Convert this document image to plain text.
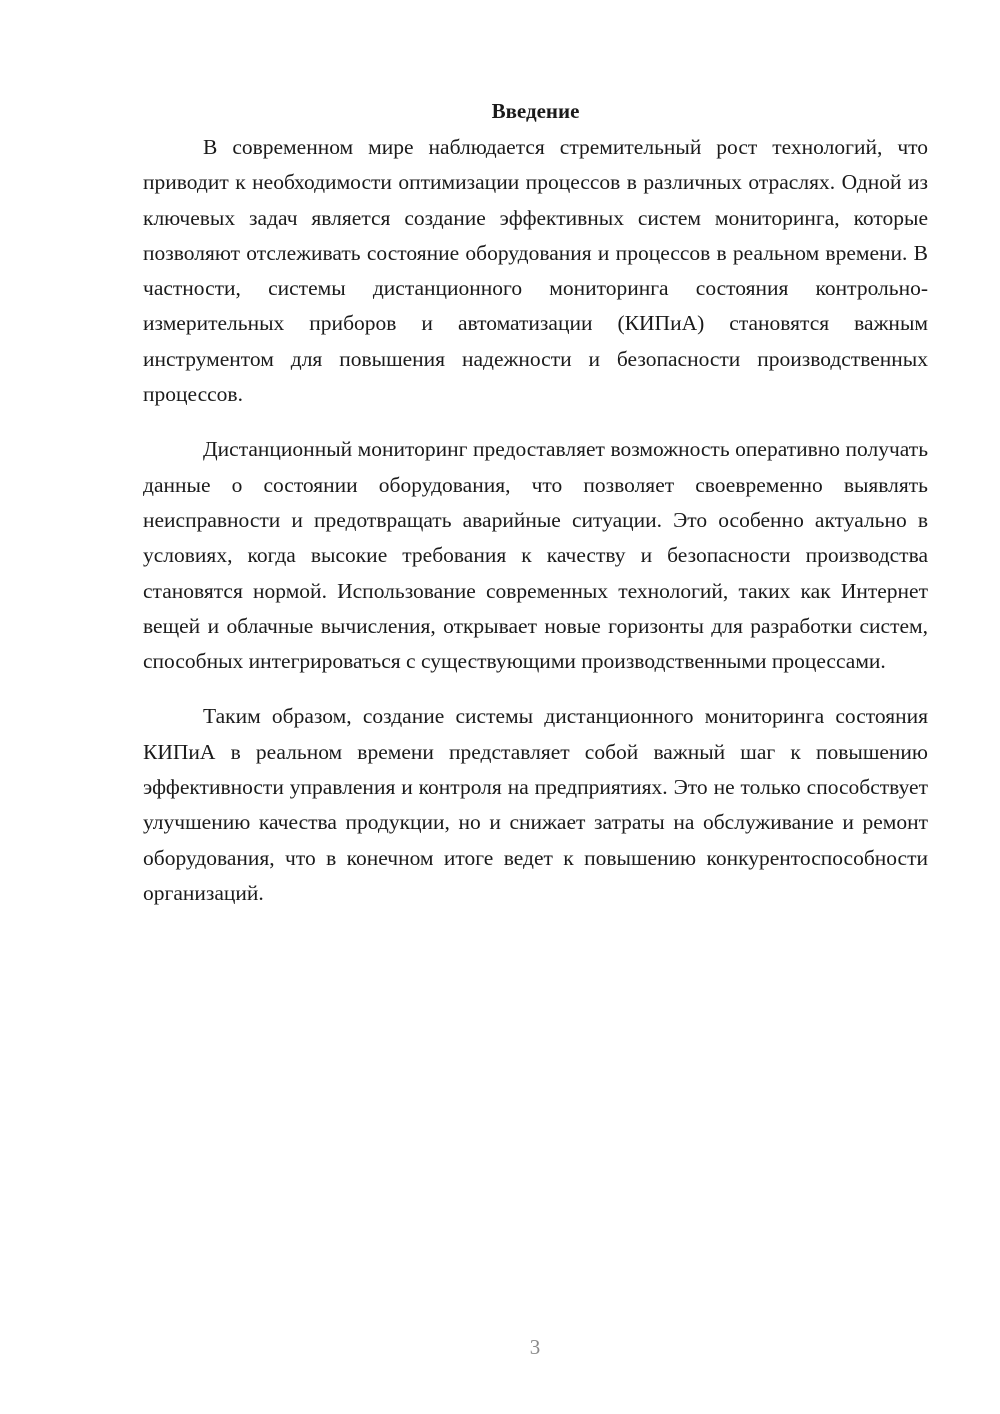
Введение

В современном мире наблюдается стремительный рост технологий, что приводит к необходимости оптимизации процессов в различных отраслях. Одной из ключевых задач является создание эффективных систем мониторинга, которые позволяют отслеживать состояние оборудования и процессов в реальном времени. В частности, системы дистанционного мониторинга состояния контрольно-измерительных приборов и автоматизации (КИПиА) становятся важным инструментом для повышения надежности и безопасности производственных процессов.

Дистанционный мониторинг предоставляет возможность оперативно получать данные о состоянии оборудования, что позволяет своевременно выявлять неисправности и предотвращать аварийные ситуации. Это особенно актуально в условиях, когда высокие требования к качеству и безопасности производства становятся нормой. Использование современных технологий, таких как Интернет вещей и облачные вычисления, открывает новые горизонты для разработки систем, способных интегрироваться с существующими производственными процессами.

Таким образом, создание системы дистанционного мониторинга состояния КИПиА в реальном времени представляет собой важный шаг к повышению эффективности управления и контроля на предприятиях. Это не только способствует улучшению качества продукции, но и снижает затраты на обслуживание и ремонт оборудования, что в конечном итоге ведет к повышению конкурентоспособности организаций.

3
